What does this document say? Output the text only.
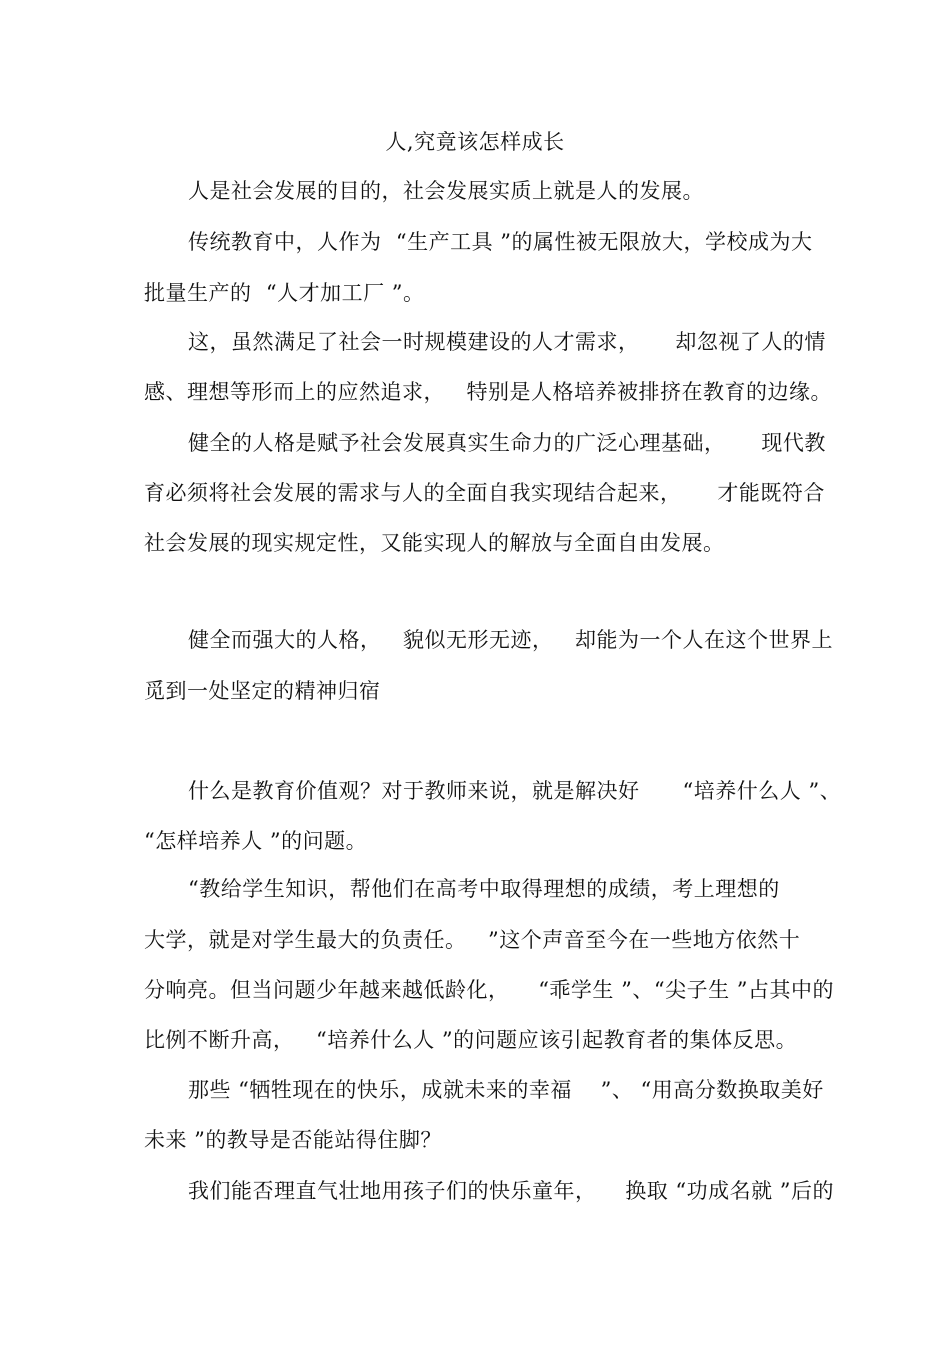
人,究竟该怎样成长

人是社会发展的目的，社会发展实质上就是人的发展。

传统教育中，人作为  “生产工具 ”的属性被无限放大，学校成为大

批量生产的  “人才加工厂 ”。

这，虽然满足了社会一时规模建设的人才需求，     却忽视了人的情

感、理想等形而上的应然追求，   特别是人格培养被排挤在教育的边缘。

健全的人格是赋予社会发展真实生命力的广泛心理基础，     现代教

育必须将社会发展的需求与人的全面自我实现结合起来，     才能既符合

社会发展的现实规定性，又能实现人的解放与全面自由发展。

健全而强大的人格，   貌似无形无迹，   却能为一个人在这个世界上

觅到一处坚定的精神归宿

什么是教育价值观？对于教师来说，就是解决好      “培养什么人 ”、

“怎样培养人 ”的问题。

“教给学生知识，帮他们在高考中取得理想的成绩，考上理想的

大学，就是对学生最大的负责任。   ”这个声音至今在一些地方依然十

分响亮。但当问题少年越来越低龄化，    “乖学生 ”、“尖子生 ”占其中的

比例不断升高，   “培养什么人 ”的问题应该引起教育者的集体反思。

那些 “牺牲现在的快乐，成就未来的幸福    ”、 “用高分数换取美好

未来 ”的教导是否能站得住脚？

我们能否理直气壮地用孩子们的快乐童年，    换取 “功成名就 ”后的
